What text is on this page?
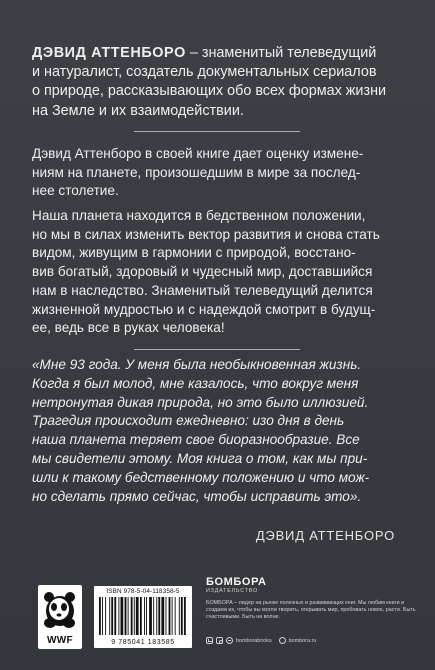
ДЭВИД АТТЕНБОРО – знаменитый телеведущий
и натуралист, создатель документальных сериалов
о природе, рассказывающих обо всех формах жизни
на Земле и их взаимодействии.
Дэвид Аттенборо в своей книге дает оценку измене-
ниям на планете, произошедшим в мире за послед-
нее столетие.
Наша планета находится в бедственном положении,
но мы в силах изменить вектор развития и снова стать
видом, живущим в гармонии с природой, восстано-
вив богатый, здоровый и чудесный мир, доставшийся
нам в наследство. Знаменитый телеведущий делится
жизненной мудростью и с надеждой смотрит в будущ-
ее, ведь все в руках человека!
«Мне 93 года. У меня была необыкновенная жизнь.
Когда я был молод, мне казалось, что вокруг меня
нетронутая дикая природа, но это было иллюзией.
Трагедия происходит ежедневно: изо дня в день
наша планета теряет свое биоразнообразие. Все
мы свидетели этому. Моя книга о том, как мы при-
шли к такому бедственному положению и что мож-
но сделать прямо сейчас, чтобы исправить это».
ДЭВИД АТТЕНБОРО
WWF
ISBN 978-5-04-118358-5
9 785041 183585
БОМБОРА
ИЗДАТЕЛЬСТВО
БОМБОРА – лидер на рынке полезных и развивающих книг. Мы любим книги и создаем их, чтобы вы могли творить, открывать мир, пробовать новое, расти. Быть счастливыми. Быть на волне.
bomborabooks	bombora.ru
